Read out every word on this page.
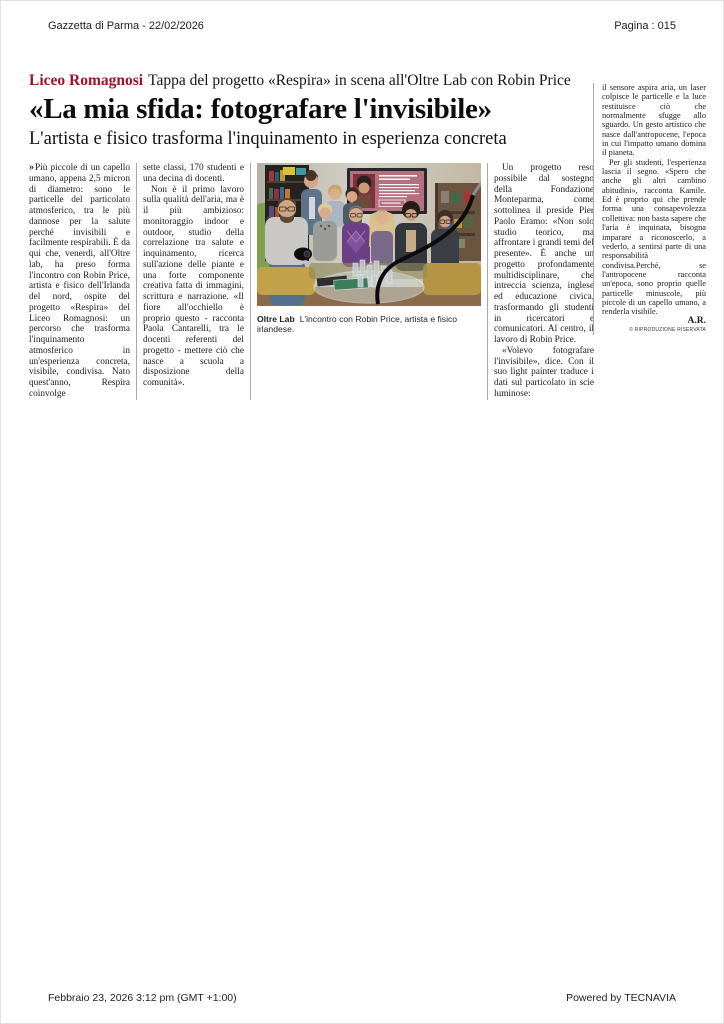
Gazzetta di Parma - 22/02/2026	Pagina : 015

Liceo Romagnosi Tappa del progetto «Respira» in scena all'Oltre Lab con Robin Price

«La mia sfida: fotografare l'invisibile»
L'artista e fisico trasforma l'inquinamento in esperienza concreta

» Più piccole di un capello umano, appena 2,5 micron di diametro: sono le particelle del particolato atmosferico, tra le più dannose per la salute perché invisibili e facilmente respirabili. È da qui che, venerdì, all'Oltre lab, ha preso forma l'incontro con Robin Price, artista e fisico dell'Irlanda del nord, ospite del progetto «Respira» del Liceo Romagnosi: un percorso che trasforma l'inquinamento atmosferico in un'esperienza concreta, visibile, condivisa. Nato quest'anno, Respira coinvolge

sette classi, 170 studenti e una decina di docenti.

Non è il primo lavoro sulla qualità dell'aria, ma è il più ambizioso: monitoraggio indoor e outdoor, studio della correlazione tra salute e inquinamento, ricerca sull'azione delle piante e una forte componente creativa fatta di immagini, scrittura e narrazione. «Il fiore all'occhiello è proprio questo - racconta Paola Cantarelli, tra le docenti referenti del progetto - mettere ciò che nasce a scuola a disposizione della comunità».

Oltre Lab L'incontro con Robin Price, artista e fisico irlandese.

Un progetto reso possibile dal sostegno della Fondazione Monteparma, come sottolinea il preside Pier Paolo Eramo: «Non solo studio teorico, ma affrontare i grandi temi del presente». È anche un progetto profondamente multidisciplinare, che intreccia scienza, inglese ed educazione civica, trasformando gli studenti in ricercatori e comunicatori. Al centro, il lavoro di Robin Price.

«Volevo fotografare l'invisibile», dice. Con il suo light painter traduce i dati sul particolato in scie luminose:

il sensore aspira aria, un laser colpisce le particelle e la luce restituisce ciò che normalmente sfugge allo sguardo. Un gesto artistico che nasce dall'antropocene, l'epoca in cui l'impatto umano domina il pianeta.

Per gli studenti, l'esperienza lascia il segno. «Spero che anche gli altri cambino abitudini», racconta Kamile. Ed è proprio qui che prende forma una consapevolezza collettiva: non basta sapere che l'aria è inquinata, bisogna imparare a riconoscerlo, a vederlo, a sentirsi parte di una responsabilità condivisa.Perché, se l'antropocene racconta un'epoca, sono proprio quelle particelle minuscole, più piccole di un capello umano, a renderla visibile.

A.R.

© RIPRODUZIONE RISERVATA

Febbraio 23, 2026 3:12 pm (GMT +1:00)	Powered by TECNAVIA
